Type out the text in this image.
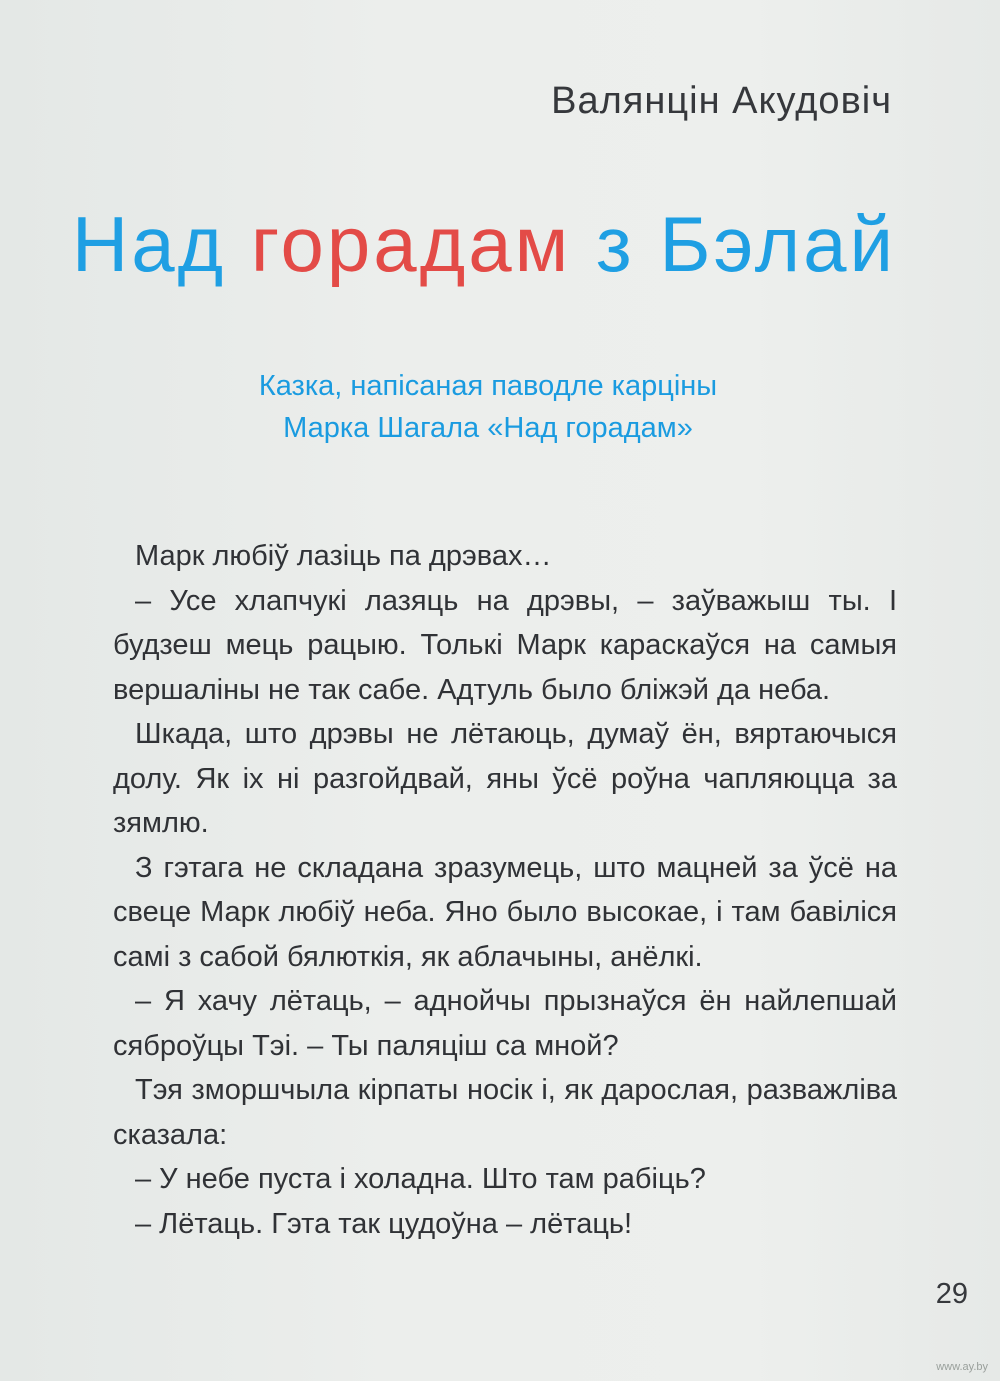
Валянцін Акудовіч
Над горадам з Бэлай
Казка, напісаная паводле карціны
Марка Шагала «Над горадам»

Марк любіў лазіць па дрэвах…

– Усе хлапчукі лазяць на дрэвы, – заўважыш ты. І будзеш мець рацыю. Толькі Марк караскаўся на самыя вершаліны не так сабе. Адтуль было бліжэй да неба.

Шкада, што дрэвы не лётаюць, думаў ён, вяртаючыся долу. Як іх ні разгойдвай, яны ўсё роўна чапляюцца за зямлю.

З гэтага не складана зразумець, што мацней за ўсё на свеце Марк любіў неба. Яно было высокае, і там бавіліся самі з сабой бялюткія, як аблачыны, анёлкі.

– Я хачу лётаць, – аднойчы прызнаўся ён найлепшай сяброўцы Тэі. – Ты паляціш са мной?

Тэя зморшчыла кірпаты носік і, як дарослая, разважліва сказала:

– У небе пуста і холадна. Што там рабіць?

– Лётаць. Гэта так цудоўна – лётаць!

29
www.ay.by
